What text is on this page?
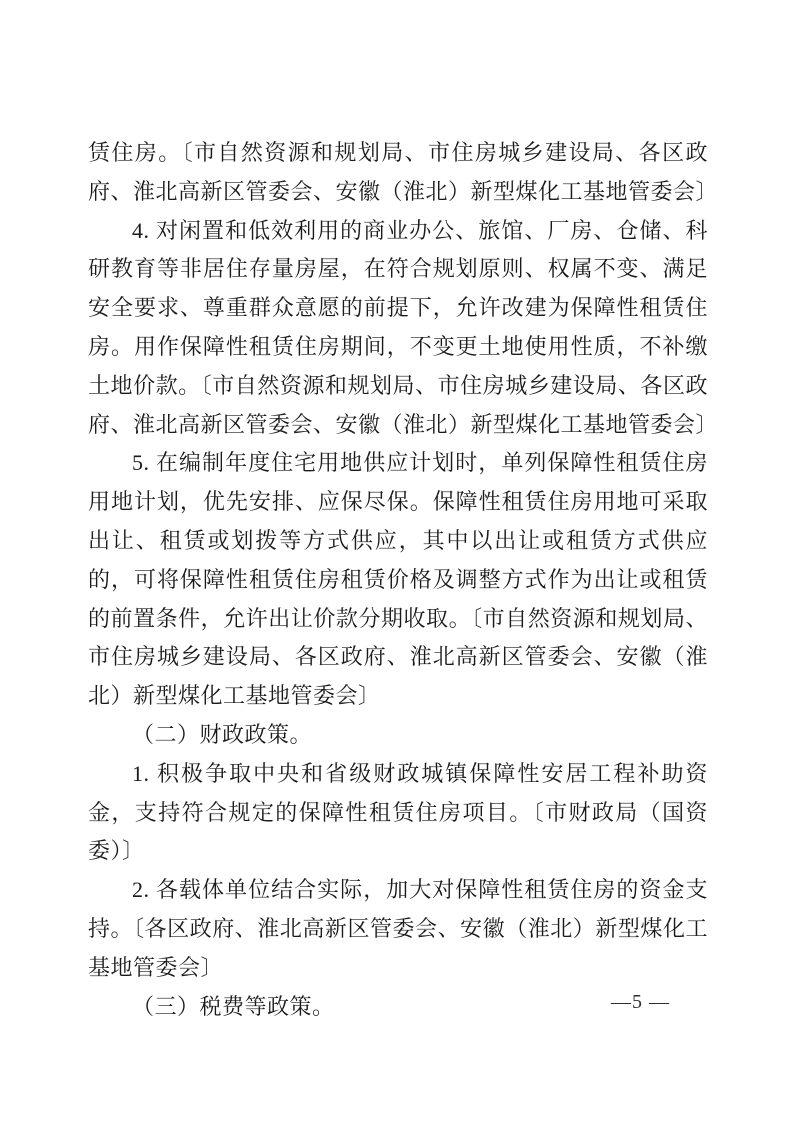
赁住房。〔市自然资源和规划局、市住房城乡建设局、各区政府、淮北高新区管委会、安徽（淮北）新型煤化工基地管委会〕

4. 对闲置和低效利用的商业办公、旅馆、厂房、仓储、科研教育等非居住存量房屋，在符合规划原则、权属不变、满足安全要求、尊重群众意愿的前提下，允许改建为保障性租赁住房。用作保障性租赁住房期间，不变更土地使用性质，不补缴土地价款。〔市自然资源和规划局、市住房城乡建设局、各区政府、淮北高新区管委会、安徽（淮北）新型煤化工基地管委会〕

5. 在编制年度住宅用地供应计划时，单列保障性租赁住房用地计划，优先安排、应保尽保。保障性租赁住房用地可采取出让、租赁或划拨等方式供应，其中以出让或租赁方式供应的，可将保障性租赁住房租赁价格及调整方式作为出让或租赁的前置条件，允许出让价款分期收取。〔市自然资源和规划局、市住房城乡建设局、各区政府、淮北高新区管委会、安徽（淮北）新型煤化工基地管委会〕

（二）财政政策。

1. 积极争取中央和省级财政城镇保障性安居工程补助资金，支持符合规定的保障性租赁住房项目。〔市财政局（国资委）〕

2. 各载体单位结合实际，加大对保障性租赁住房的资金支持。〔各区政府、淮北高新区管委会、安徽（淮北）新型煤化工基地管委会〕

（三）税费等政策。	—5 —
